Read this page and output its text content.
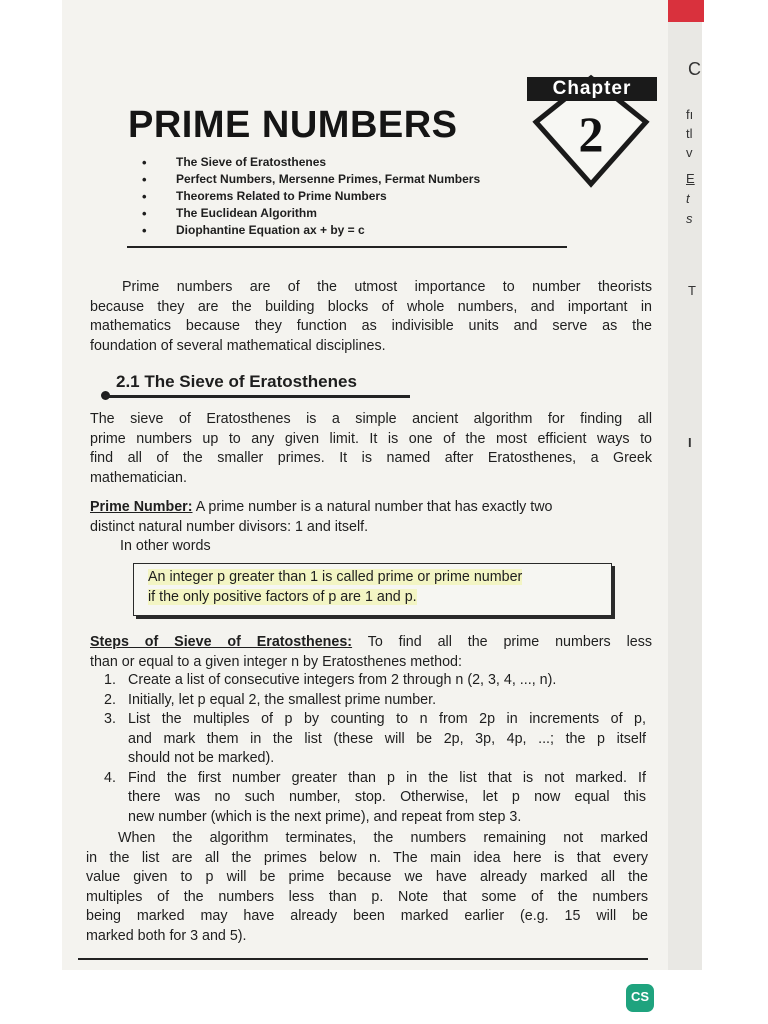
C
fı
tl
v
E
t
s
T
I
Chapter
2
PRIME NUMBERS
• The Sieve of Eratosthenes
• Perfect Numbers, Mersenne Primes, Fermat Numbers
• Theorems Related to Prime Numbers
• The Euclidean Algorithm
• Diophantine Equation ax + by = c
Prime numbers are of the utmost importance to number theorists
because they are the building blocks of whole numbers, and important in
mathematics because they function as indivisible units and serve as the
foundation of several mathematical disciplines.
2.1 The Sieve of Eratosthenes
The sieve of Eratosthenes is a simple ancient algorithm for finding all
prime numbers up to any given limit. It is one of the most efficient ways to
find all of the smaller primes. It is named after Eratosthenes, a Greek
mathematician.
Prime Number: A prime number is a natural number that has exactly two
distinct natural number divisors: 1 and itself.
In other words
An integer p greater than 1 is called prime or prime number
if the only positive factors of p are 1 and p.
Steps of Sieve of Eratosthenes: To find all the prime numbers less
than or equal to a given integer n by Eratosthenes method:
1. Create a list of consecutive integers from 2 through n (2, 3, 4, ..., n).
2. Initially, let p equal 2, the smallest prime number.
3. List the multiples of p by counting to n from 2p in increments of p,
and mark them in the list (these will be 2p, 3p, 4p, ...; the p itself
should not be marked).
4. Find the first number greater than p in the list that is not marked. If
there was no such number, stop. Otherwise, let p now equal this
new number (which is the next prime), and repeat from step 3.
When the algorithm terminates, the numbers remaining not marked
in the list are all the primes below n. The main idea here is that every
value given to p will be prime because we have already marked all the
multiples of the numbers less than p. Note that some of the numbers
being marked may have already been marked earlier (e.g. 15 will be
marked both for 3 and 5).
CS
